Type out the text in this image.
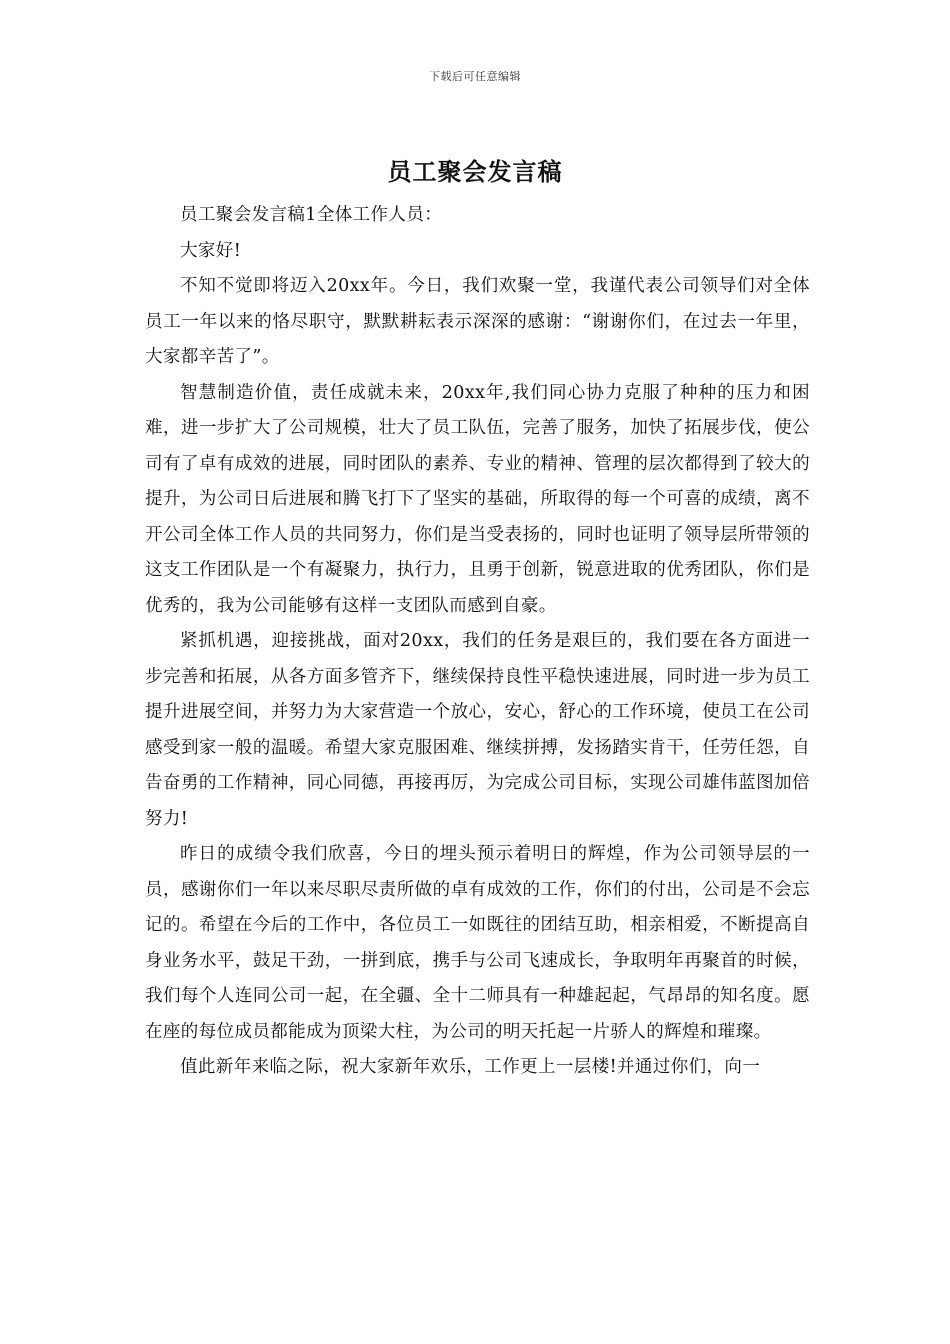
下载后可任意编辑
员工聚会发言稿

员工聚会发言稿1全体工作人员：

大家好!

不知不觉即将迈入20xx年。今日，我们欢聚一堂，我谨代表公司领导们对全体员工一年以来的恪尽职守，默默耕耘表示深深的感谢：“谢谢你们，在过去一年里，大家都辛苦了”。

智慧制造价值，责任成就未来，20xx年,我们同心协力克服了种种的压力和困难，进一步扩大了公司规模，壮大了员工队伍，完善了服务，加快了拓展步伐，使公司有了卓有成效的进展，同时团队的素养、专业的精神、管理的层次都得到了较大的提升，为公司日后进展和腾飞打下了坚实的基础，所取得的每一个可喜的成绩，离不开公司全体工作人员的共同努力，你们是当受表扬的，同时也证明了领导层所带领的这支工作团队是一个有凝聚力，执行力，且勇于创新，锐意进取的优秀团队，你们是优秀的，我为公司能够有这样一支团队而感到自豪。

紧抓机遇，迎接挑战，面对20xx，我们的任务是艰巨的，我们要在各方面进一步完善和拓展，从各方面多管齐下，继续保持良性平稳快速进展，同时进一步为员工提升进展空间，并努力为大家营造一个放心，安心，舒心的工作环境，使员工在公司感受到家一般的温暖。希望大家克服困难、继续拼搏，发扬踏实肯干，任劳任怨，自告奋勇的工作精神，同心同德，再接再厉，为完成公司目标，实现公司雄伟蓝图加倍努力!

昨日的成绩令我们欣喜，今日的埋头预示着明日的辉煌，作为公司领导层的一员，感谢你们一年以来尽职尽责所做的卓有成效的工作，你们的付出，公司是不会忘记的。希望在今后的工作中，各位员工一如既往的团结互助，相亲相爱，不断提高自身业务水平，鼓足干劲，一拼到底，携手与公司飞速成长，争取明年再聚首的时候，我们每个人连同公司一起，在全疆、全十二师具有一种雄起起，气昂昂的知名度。愿在座的每位成员都能成为顶梁大柱，为公司的明天托起一片骄人的辉煌和璀璨。

值此新年来临之际，祝大家新年欢乐，工作更上一层楼!并通过你们，向一
